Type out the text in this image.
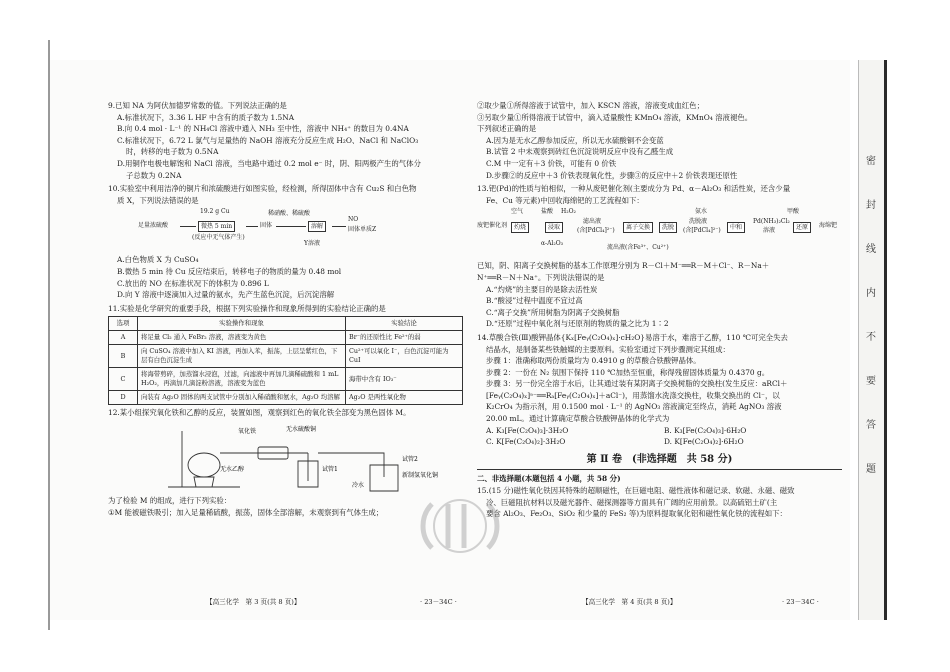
密
封
线
内
不
要
答
题
9.已知 NA 为阿伏加德罗常数的值。下列说法正确的是
A.标准状况下，3.36 L HF 中含有的质子数为 1.5NA
B.向 0.4 mol · L⁻¹ 的 NH₄Cl 溶液中通入 NH₃ 至中性，溶液中 NH₄⁺ 的数目为 0.4NA
C.标准状况下，6.72 L 氯气与足量热的 NaOH 溶液充分反应生成 H₂O、NaCl 和 NaClO₃
时，转移的电子数为 0.5NA
D.用铜作电极电解饱和 NaCl 溶液，当电路中通过 0.2 mol e⁻ 时，阴、阳两极产生的气体分
子总数为 0.2NA
10.实验室中利用洁净的铜片和浓硫酸进行如图实验，经检测，所得固体中含有 Cu₂S 和白色物
质 X，下列说法错误的是
19.2 g Cu
足量浓硫酸	微热 5 min
(反应中无气体产生)
固体
稀硝酸、稀硫酸
溶解
NO
固体单质Z
Y溶液
A.白色物质 X 为 CuSO₄
B.微热 5 min 待 Cu 反应结束后，转移电子的物质的量为 0.48 mol
C.放出的 NO 在标准状况下的体积为 0.896 L
D.向 Y 溶液中逐滴加入过量的氨水，先产生蓝色沉淀，后沉淀溶解
11.实验是化学研究的重要手段，根据下列实验操作和现象所得到的实验结论正确的是
选项	实验操作和现象	实验结论
A	将足量 Cl₂ 通入 FeBr₂ 溶液，溶液变为黄色	Br⁻的还原性比 Fe²⁺的弱
B	向 CuSO₄ 溶液中加入 KI 溶液，再加入苯，振荡，上层呈紫红色，下层有白色沉淀生成	Cu²⁺可以氧化 I⁻，白色沉淀可能为 CuI
C	将海带剪碎，加蒸馏水浸泡，过滤，向滤液中再加几滴稀硫酸和 1 mL H₂O₂，再滴加几滴淀粉溶液，溶液变为蓝色	海带中含有 IO₃⁻
D	向装有 Ag₂O 固体的两支试管中分别加入稀硝酸和氨水，Ag₂O 均溶解	Ag₂O 是两性氧化物
12.某小组探究氧化铁和乙醇的反应，装置如图，观察到红色的氧化铁全部变为黑色固体 M。
氧化铁	无水硫酸铜
无水乙醇	试管1
试管2
冷水
新制氢氧化铜
为了检验 M 的组成，进行下列实验：
①M 能被磁铁吸引；加入足量稀硫酸，振荡，固体全部溶解，未观察到有气体生成；
【高三化学　第 3 页(共 8 页)】	· 23－34C ·
②取少量①所得溶液于试管中，加入 KSCN 溶液，溶液变成血红色；
③另取少量①所得溶液于试管中，滴入适量酸性 KMnO₄ 溶液，KMnO₄ 溶液褪色。
下列叙述正确的是
A.因为是无水乙醇参加反应，所以无水硫酸铜不会变蓝
B.试管 2 中未观察到砖红色沉淀说明反应中没有乙醛生成
C.M 中一定有＋3 价铁，可能有 0 价铁
D.步骤②的反应中＋3 价铁表现氧化性，步骤③的反应中＋2 价铁表现还原性
13.钯(Pd)的性质与铂相似，一种从废钯催化剂(主要成分为 Pd、α－Al₂O₃ 和活性炭，还含少量
Fe、Cu 等元素)中回收海绵钯的工艺流程如下：
空气	盐酸 H₂O₂	氨水	甲酸
废钯催化剂	灼烧	浸取
滤出液
(含[PdCl₄]²⁻)	离子交换	洗脱
洗脱液
(含[PdCl₄]²⁻)	中和
Pd(NH₃)₂Cl₂
溶液	还原	海绵钯
α-Al₂O₃
流出液(含Fe³⁺、Cu²⁺)
已知，阴、阳离子交换树脂的基本工作原理分别为 R－Cl＋M⁻══R－M＋Cl⁻、R－Na＋
N⁺══R－N＋Na⁺。下列说法错误的是
A.“灼烧”的主要目的是除去活性炭
B.“酸浸”过程中温度不宜过高
C.“离子交换”所用树脂为阴离子交换树脂
D.“还原”过程中氧化剂与还原剂的物质的量之比为 1∶2
14.草酸合铁(Ⅲ)酸钾晶体{Kₓ[Feᵧ(C₂O₄)ₓ]·cH₂O}易溶于水，难溶于乙醇，110 ℃可完全失去
结晶水，是制备某些铁触媒的主要原料。实验室通过下列步骤测定其组成：
步骤 1：准确称取两份质量均为 0.4910 g 的草酸合铁酸钾晶体。
步骤 2：一份在 N₂ 氛围下保持 110 ℃加热至恒重，称得残留固体质量为 0.4370 g。
步骤 3：另一份完全溶于水后，让其通过装有某阴离子交换树脂的交换柱(发生反应：aRCl＋
[Feᵧ(C₂O₄)ₓ]ᵃ⁻══Rₐ[Feᵧ(C₂O₄)ₓ]＋aCl⁻)，用蒸馏水洗涤交换柱，收集交换出的 Cl⁻，以
K₂CrO₄ 为指示剂，用 0.1500 mol · L⁻¹ 的 AgNO₃ 溶液滴定至终点，消耗 AgNO₃ 溶液
20.00 mL。通过计算确定草酸合铁酸钾晶体的化学式为
A. K₃[Fe(C₂O₄)₃]·3H₂O	B. K₃[Fe(C₂O₄)₃]·6H₂O
C. K[Fe(C₂O₄)₂]·3H₂O	D. K[Fe(C₂O₄)₂]·6H₂O
第 Ⅱ 卷　(非选择题　共 58 分)
二、非选择题(本题包括 4 小题，共 58 分)
15.(15 分)磁性氧化铁因其特殊的超顺磁性，在巨磁电阻、磁性液体和磁记录、软磁、永磁、磁致
冷、巨磁阻抗材料以及磁光器件、磁探测器等方面具有广阔的应用前景。以高硫铝土矿(主
要含 Al₂O₃、Fe₂O₃、SiO₂ 和少量的 FeS₂ 等)为原料提取氧化铝和磁性氧化铁的流程如下：
【高三化学　第 4 页(共 8 页)】	· 23－34C ·
